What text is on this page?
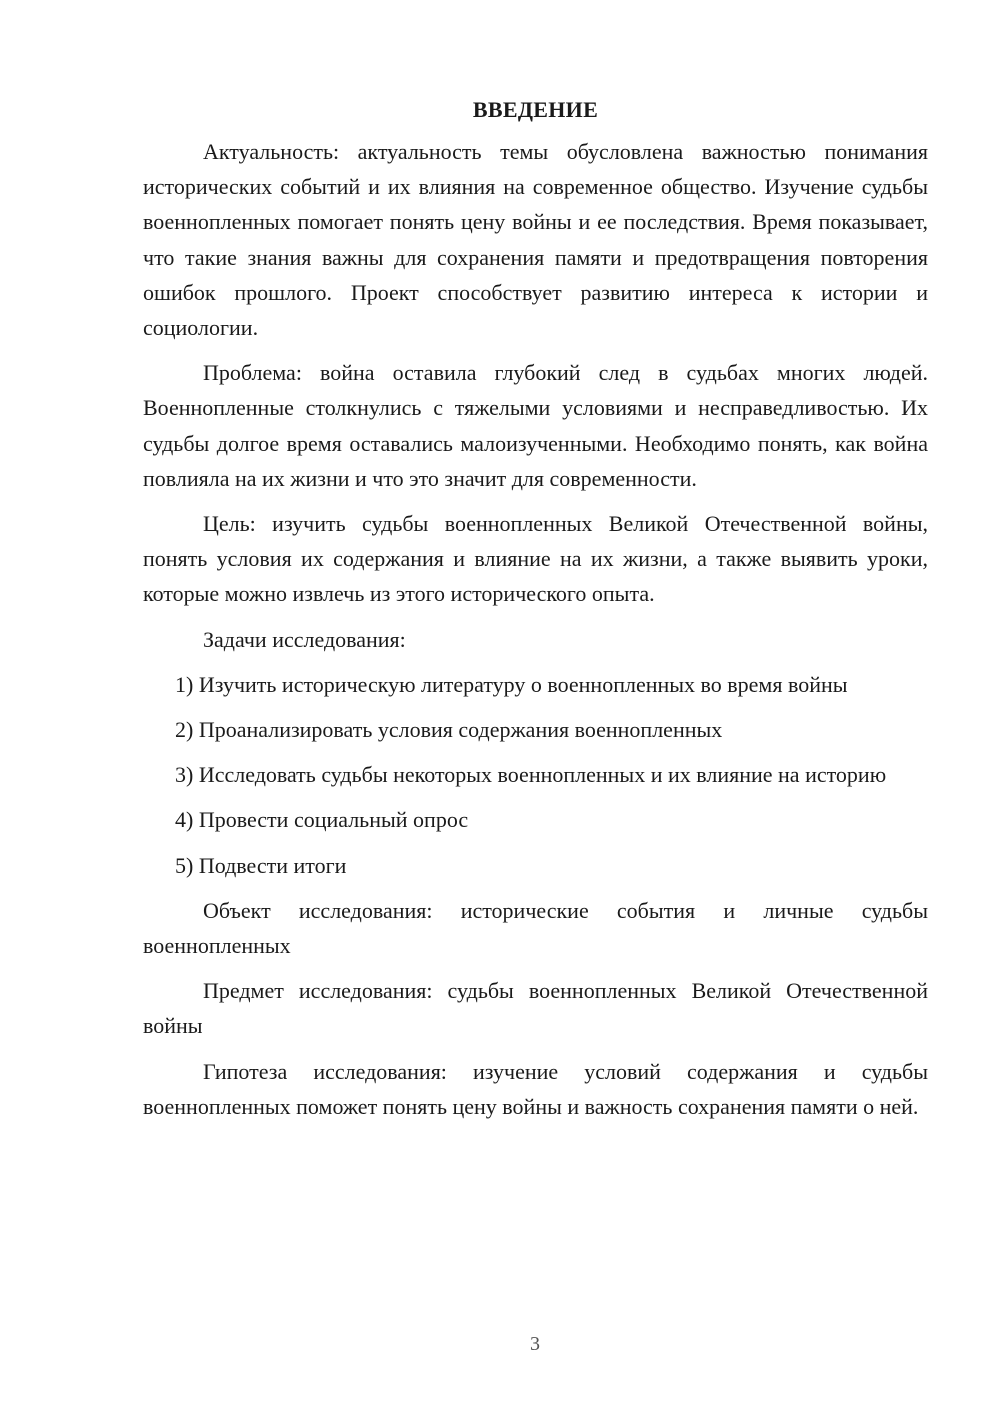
ВВЕДЕНИЕ

Актуальность: актуальность темы обусловлена важностью понимания исторических событий и их влияния на современное общество. Изучение судьбы военнопленных помогает понять цену войны и ее последствия. Время показывает, что такие знания важны для сохранения памяти и предотвращения повторения ошибок прошлого. Проект способствует развитию интереса к истории и социологии.

Проблема: война оставила глубокий след в судьбах многих людей. Военнопленные столкнулись с тяжелыми условиями и несправедливостью. Их судьбы долгое время оставались малоизученными. Необходимо понять, как война повлияла на их жизни и что это значит для современности.

Цель: изучить судьбы военнопленных Великой Отечественной войны, понять условия их содержания и влияние на их жизни, а также выявить уроки, которые можно извлечь из этого исторического опыта.

Задачи исследования:

1) Изучить историческую литературу о военнопленных во время войны

2) Проанализировать условия содержания военнопленных

3) Исследовать судьбы некоторых военнопленных и их влияние на историю

4) Провести социальный опрос

5) Подвести итоги

Объект исследования: исторические события и личные судьбы военнопленных

Предмет исследования: судьбы военнопленных Великой Отечественной войны

Гипотеза исследования: изучение условий содержания и судьбы военнопленных поможет понять цену войны и важность сохранения памяти о ней.

3
